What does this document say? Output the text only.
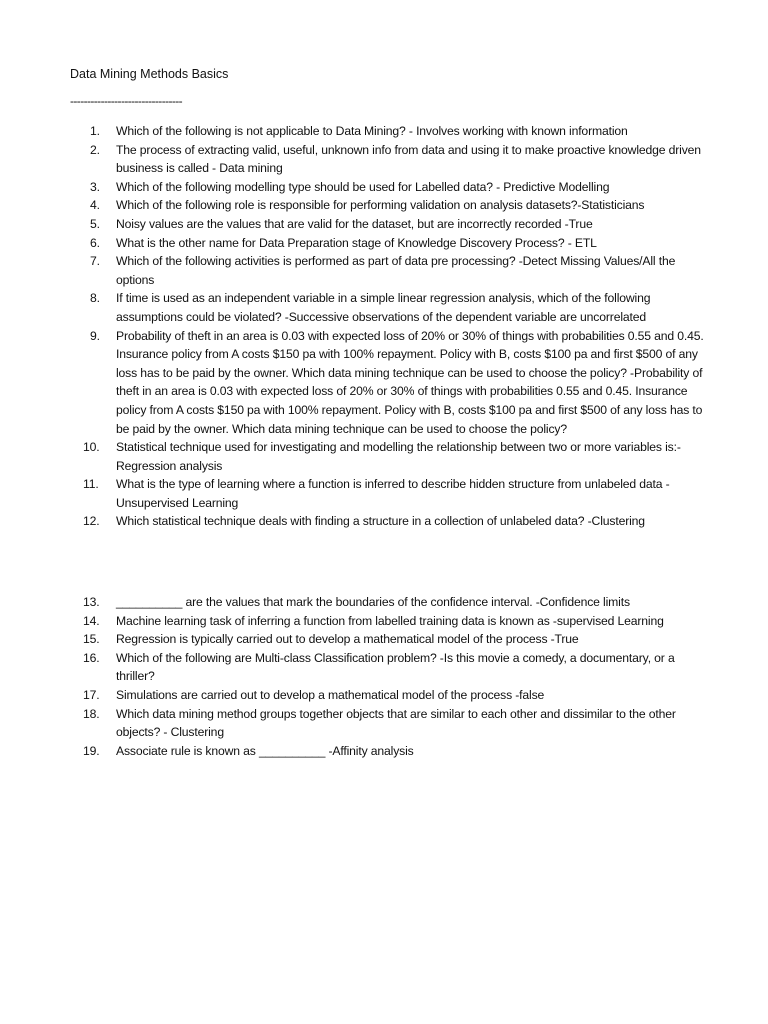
Data Mining Methods Basics
---------------------------------
1. Which of the following is not applicable to Data Mining? - Involves working with known information
2. The process of extracting valid, useful, unknown info from data and using it to make proactive knowledge driven business is called - Data mining
3. Which of the following modelling type should be used for Labelled data? - Predictive Modelling
4. Which of the following role is responsible for performing validation on analysis datasets?-Statisticians
5. Noisy values are the values that are valid for the dataset, but are incorrectly recorded -True
6. What is the other name for Data Preparation stage of Knowledge Discovery Process? - ETL
7. Which of the following activities is performed as part of data pre processing? -Detect Missing Values/All the options
8. If time is used as an independent variable in a simple linear regression analysis, which of the following assumptions could be violated? -Successive observations of the dependent variable are uncorrelated
9. Probability of theft in an area is 0.03 with expected loss of 20% or 30% of things with probabilities 0.55 and 0.45. Insurance policy from A costs $150 pa with 100% repayment. Policy with B, costs $100 pa and first $500 of any loss has to be paid by the owner. Which data mining technique can be used to choose the policy? -Probability of theft in an area is 0.03 with expected loss of 20% or 30% of things with probabilities 0.55 and 0.45. Insurance policy from A costs $150 pa with 100% repayment. Policy with B, costs $100 pa and first $500 of any loss has to be paid by the owner. Which data mining technique can be used to choose the policy?
10. Statistical technique used for investigating and modelling the relationship between two or more variables is:- Regression analysis
11. What is the type of learning where a function is inferred to describe hidden structure from unlabeled data -Unsupervised Learning
12. Which statistical technique deals with finding a structure in a collection of unlabeled data? -Clustering
13. __________ are the values that mark the boundaries of the confidence interval. -Confidence limits
14. Machine learning task of inferring a function from labelled training data is known as -supervised Learning
15. Regression is typically carried out to develop a mathematical model of the process -True
16. Which of the following are Multi-class Classification problem? -Is this movie a comedy, a documentary, or a thriller?
17. Simulations are carried out to develop a mathematical model of the process -false
18. Which data mining method groups together objects that are similar to each other and dissimilar to the other objects? - Clustering
19. Associate rule is known as __________ -Affinity analysis
